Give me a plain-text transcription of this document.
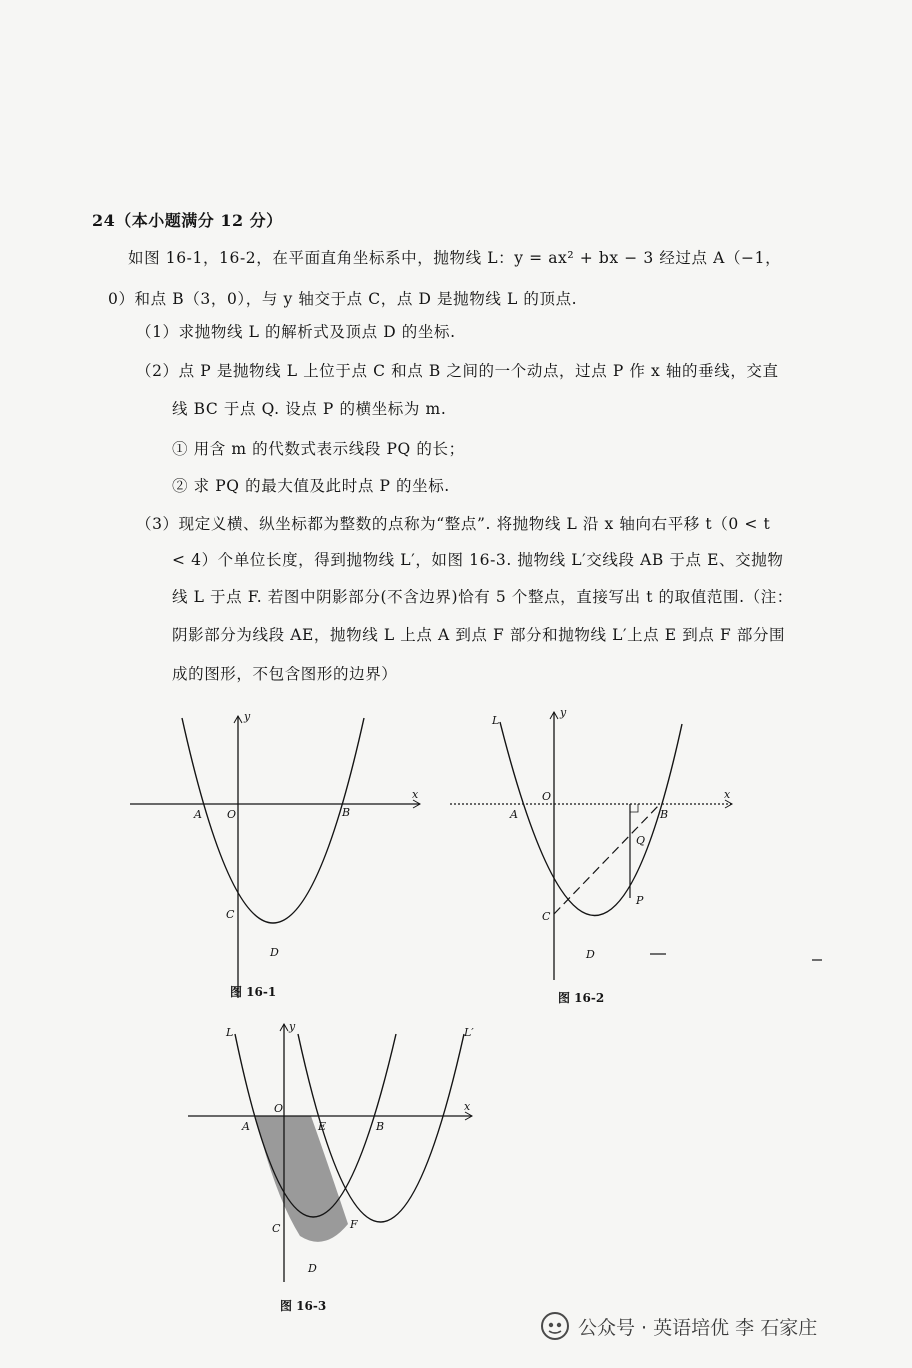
24（本小题满分 12 分）
如图 16-1，16-2，在平面直角坐标系中，抛物线 L：y = ax² + bx − 3 经过点 A（−1，
0）和点 B（3，0），与 y 轴交于点 C，点 D 是抛物线 L 的顶点.
（1）求抛物线 L 的解析式及顶点 D 的坐标.
（2）点 P 是抛物线 L 上位于点 C 和点 B 之间的一个动点，过点 P 作 x 轴的垂线，交直
线 BC 于点 Q. 设点 P 的横坐标为 m.
① 用含 m 的代数式表示线段 PQ 的长；
② 求 PQ 的最大值及此时点 P 的坐标.
（3）现定义横、纵坐标都为整数的点称为“整点”. 将抛物线 L 沿 x 轴向右平移 t（0 < t
< 4）个单位长度，得到抛物线 L′，如图 16-3. 抛物线 L′交线段 AB 于点 E、交抛物
线 L 于点 F. 若图中阴影部分(不含边界)恰有 5 个整点，直接写出 t 的取值范围.（注：
阴影部分为线段 AE，抛物线 L 上点 A 到点 F 部分和抛物线 L′上点 E 到点 F 部分围
成的图形，不包含图形的边界）
x
y
O
A	B
C
D
图 16-1
L
x
y
O
A	B
C
D
P
Q
图 16-2
L	L′
x
y
O
A	E	B
C	F
D
图 16-3
公众号 · 英语培优 李 石家庄
